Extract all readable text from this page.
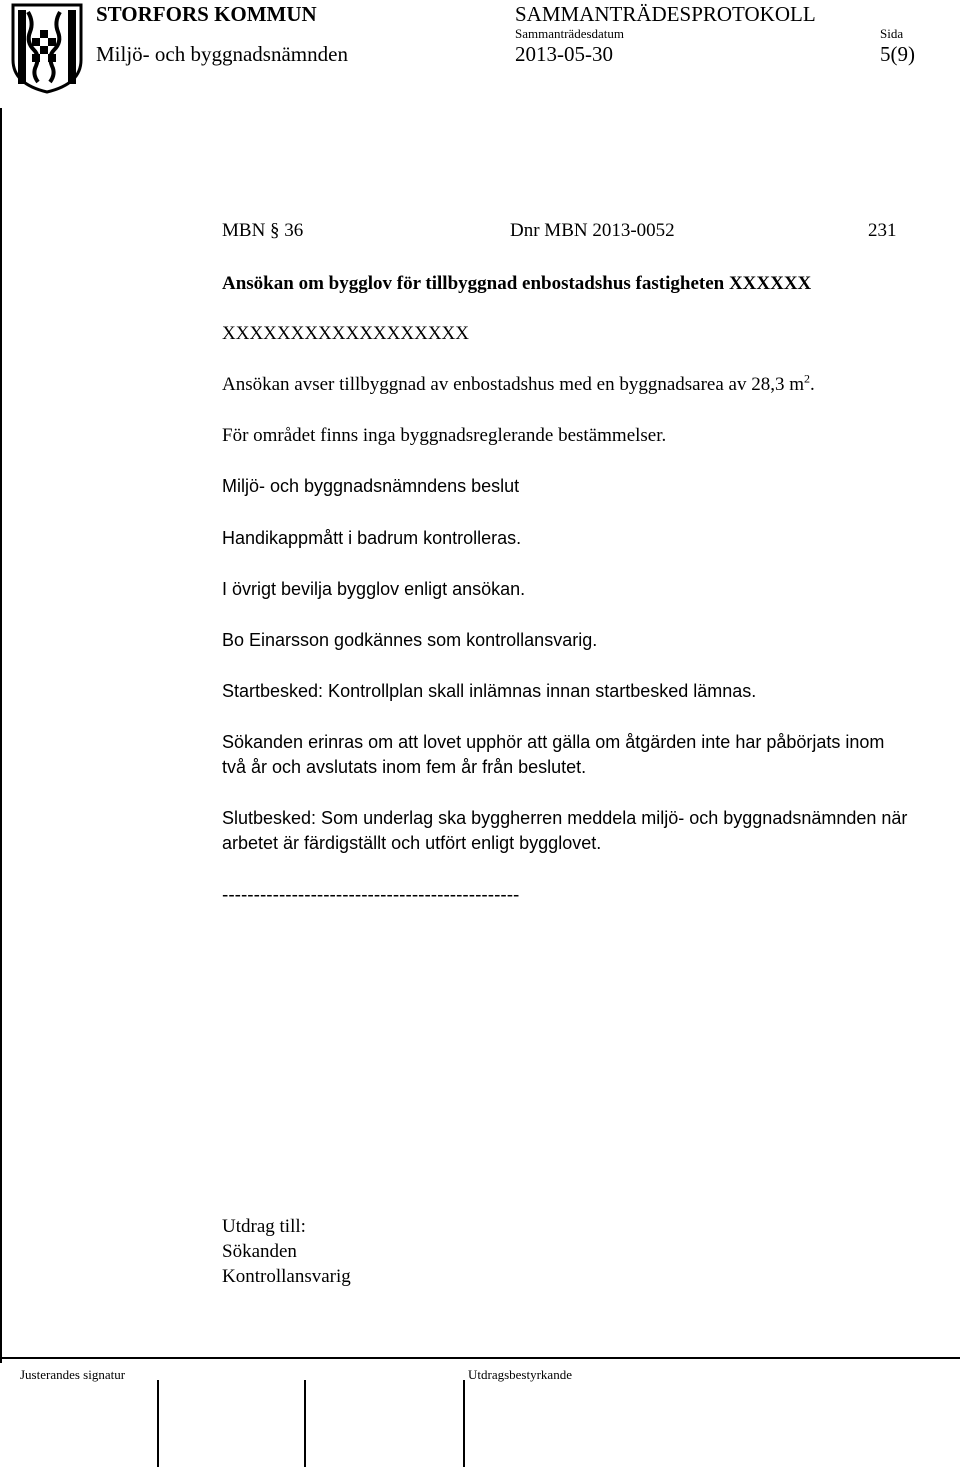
STORFORS KOMMUN
Miljö- och byggnadsnämnden
SAMMANTRÄDESPROTOKOLL
Sammanträdesdatum
2013-05-30
Sida
5(9)
MBN § 36	Dnr MBN 2013-0052	231

Ansökan om bygglov för tillbyggnad enbostadshus fastigheten XXXXXX

XXXXXXXXXXXXXXXXXX

Ansökan avser tillbyggnad av enbostadshus med en byggnadsarea av 28,3 $m^2$.

För området finns inga byggnadsreglerande bestämmelser.

Miljö- och byggnadsnämndens beslut

Handikappmått i badrum kontrolleras.

I övrigt bevilja bygglov enligt ansökan.

Bo Einarsson godkännes som kontrollansvarig.

Startbesked: Kontrollplan skall inlämnas innan startbesked lämnas.

Sökanden erinras om att lovet upphör att gälla om åtgärden inte har påbörjats inom två år och avslutats inom fem år från beslutet.

Slutbesked: Som underlag ska byggherren meddela miljö- och byggnadsnämnden när arbetet är färdigställt och utfört enligt bygglovet.

-----------------------------------------------

Utdrag till:
Sökanden
Kontrollansvarig
Justerandes signatur	Utdragsbestyrkande
